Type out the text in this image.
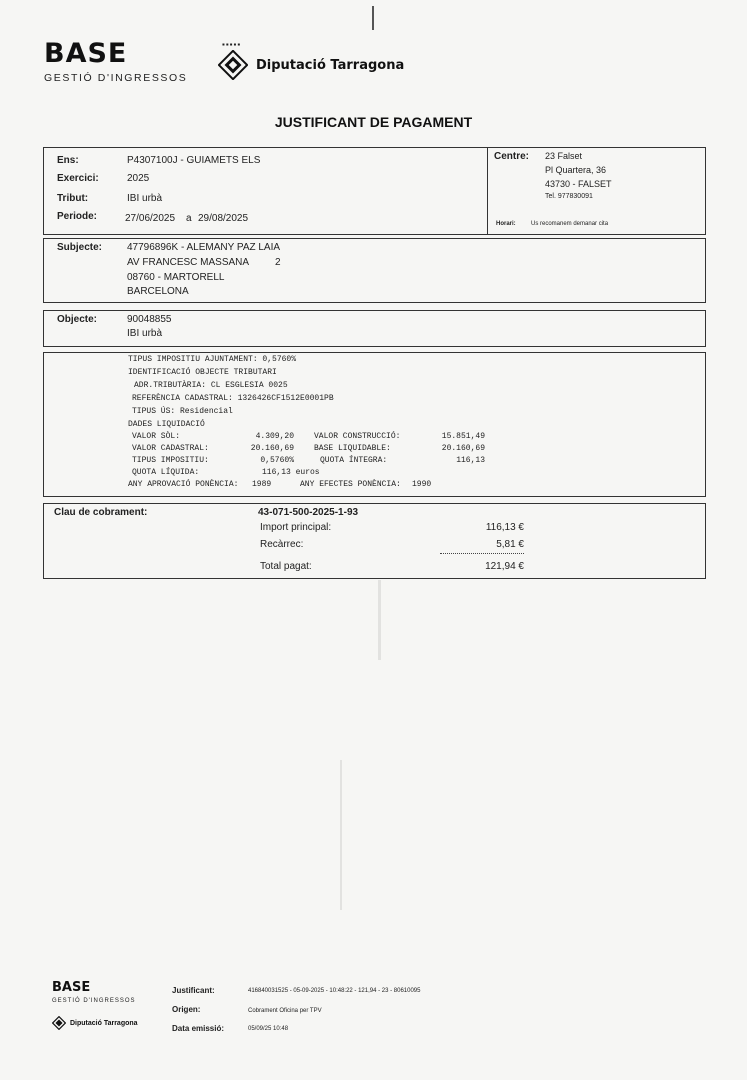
BASE
GESTIÓ D'INGRESSOS
▪▪▪▪▪
Diputació Tarragona
JUSTIFICANT DE PAGAMENT
Ens:	P4307100J - GUIAMETS ELS
Exercici:	2025
Tribut:	IBI urbà
Periode:	27/06/2025 a 29/08/2025
Centre: 23 Falset
Pl Quartera, 36
43730 - FALSET
Tel. 977830091
Horari:	Us recomanem demanar cita
Subjecte: 47796896K - ALEMANY PAZ LAIA
AV FRANCESC MASSANA	2
08760 - MARTORELL
BARCELONA
Objecte:	90048855
IBI urbà
TIPUS IMPOSITIU AJUNTAMENT: 0,5760%
IDENTIFICACIÓ OBJECTE TRIBUTARI
ADR.TRIBUTÀRIA: CL ESGLESIA 0025
REFERÈNCIA CADASTRAL: 1326426CF1512E0001PB
TIPUS ÚS: Residencial
DADES LIQUIDACIÓ
VALOR SÒL:	4.309,20	VALOR CONSTRUCCIÓ:	15.851,49
VALOR CADASTRAL:	20.160,69	BASE LIQUIDABLE:	20.160,69
TIPUS IMPOSITIU:	0,5760%	QUOTA ÍNTEGRA:	116,13
QUOTA LÍQUIDA:	116,13 euros
ANY APROVACIÓ PONÈNCIA: 1989	ANY EFECTES PONÈNCIA: 1990
Clau de cobrament:	43-071-500-2025-1-93
Import principal:	116,13 €
Recàrrec:	5,81 €
Total pagat:	121,94 €
BASE
GESTIÓ D'INGRESSOS
Diputació Tarragona
Justificant:	416840031525 - 05-09-2025 - 10:48:22 - 121,94 - 23 - 80610095
Origen:	Cobrament Oficina per TPV
Data emissió:	05/09/25 10:48
